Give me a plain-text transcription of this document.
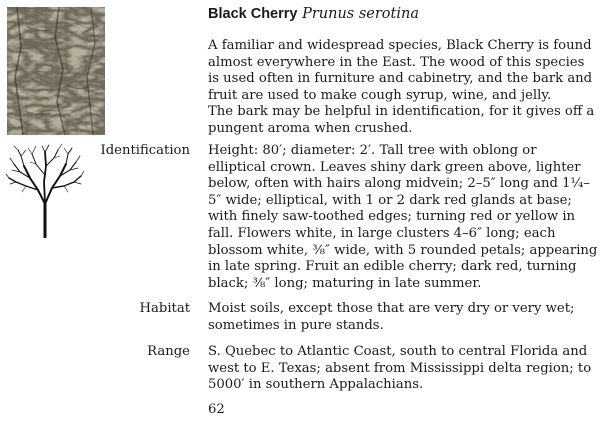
Black Cherry Prunus serotina

A familiar and widespread species, Black Cherry is found almost everywhere in the East. The wood of this species is used often in furniture and cabinetry, and the bark and fruit are used to make cough syrup, wine, and jelly.

The bark may be helpful in identification, for it gives off a pungent aroma when crushed.

Identification Height: 80′; diameter: 2′. Tall tree with oblong or elliptical crown. Leaves shiny dark green above, lighter below, often with hairs along midvein; 2–5″ long and 1¼–5″ wide; elliptical, with 1 or 2 dark red glands at base; with finely saw-toothed edges; turning red or yellow in fall. Flowers white, in large clusters 4–6″ long; each blossom white, ⅜″ wide, with 5 rounded petals; appearing in late spring. Fruit an edible cherry; dark red, turning black; ⅜″ long; maturing in late summer.
Habitat Moist soils, except those that are very dry or very wet; sometimes in pure stands.
Range S. Quebec to Atlantic Coast, south to central Florida and west to E. Texas; absent from Mississippi delta region; to 5000′ in southern Appalachians.
62
